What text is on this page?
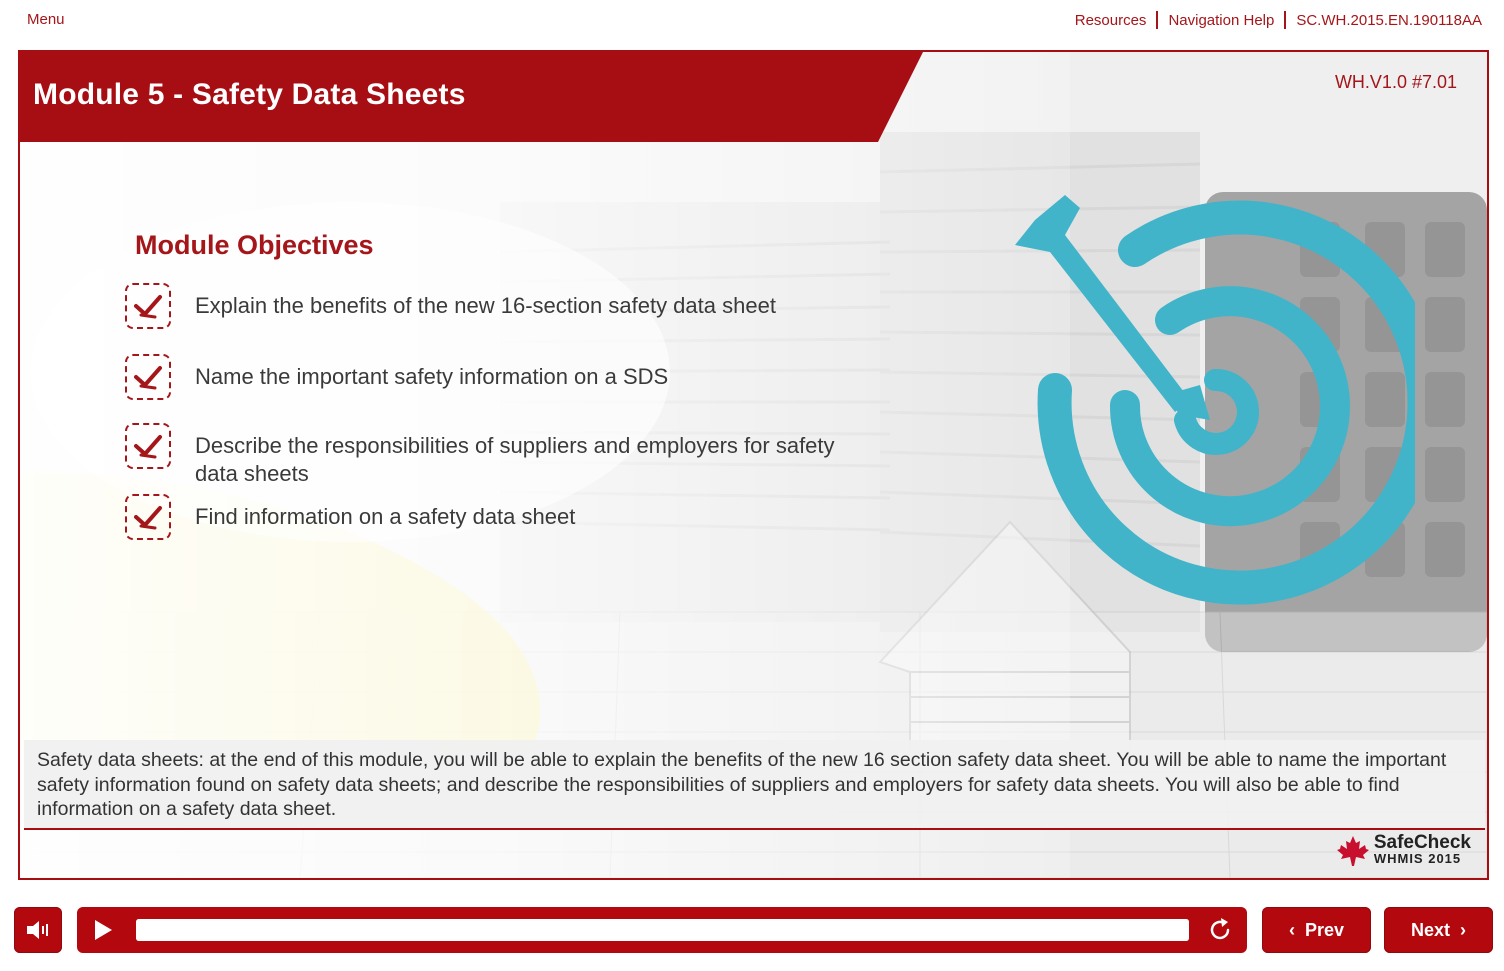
Menu	Resources Navigation Help SC.WH.2015.EN.190118AA
Module 5 - Safety Data Sheets	WH.V1.0 #7.01
Module Objectives
Explain the benefits of the new 16-section safety data sheet
Name the important safety information on a SDS
Describe the responsibilities of suppliers and employers for safety data sheets
Find information on a safety data sheet
Safety data sheets: at the end of this module, you will be able to explain the benefits of the new 16 section safety data sheet. You will be able to name the important safety information found on safety data sheets; and describe the responsibilities of suppliers and employers for safety data sheets. You will also be able to find information on a safety data sheet.
SafeCheck
WHMIS 2015
‹ Prev	Next ›
